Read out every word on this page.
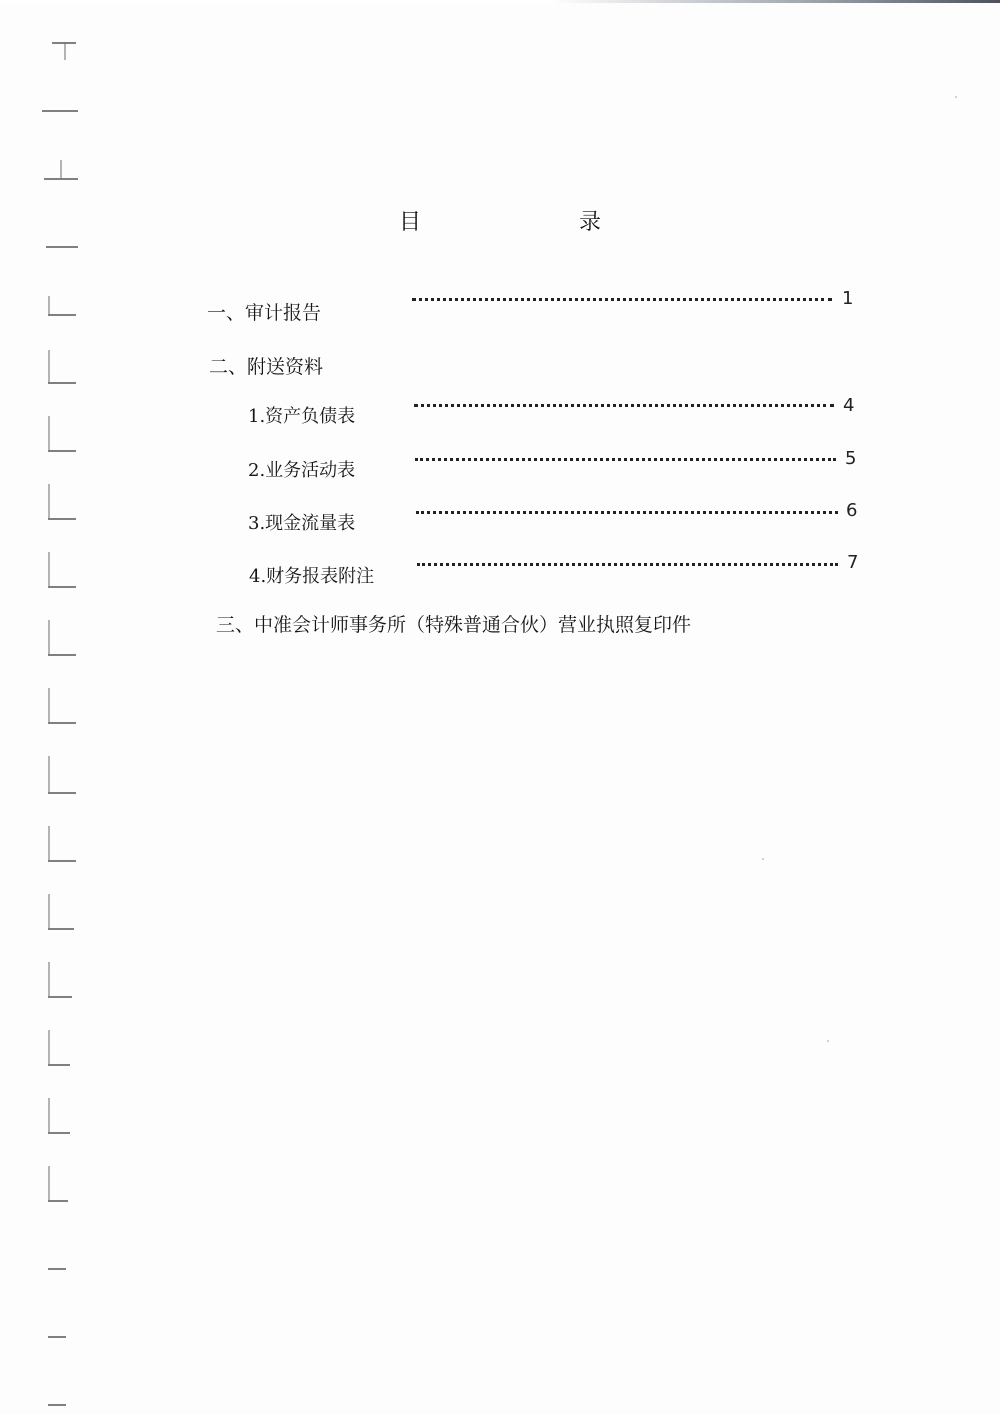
目　　录
一、审计报告
1
二、附送资料
1.资产负债表
4
2.业务活动表
5
3.现金流量表
6
4.财务报表附注
7
三、中准会计师事务所（特殊普通合伙）营业执照复印件
